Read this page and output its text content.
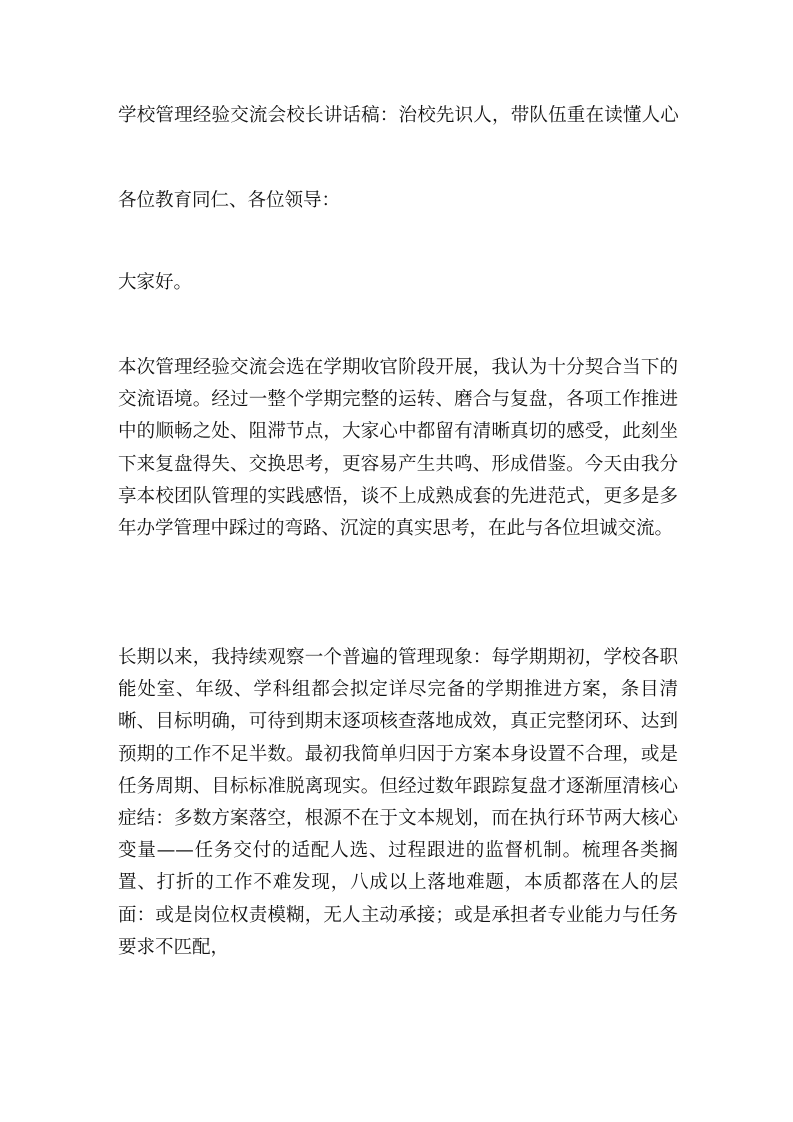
学校管理经验交流会校长讲话稿：治校先识人，带队伍重在读懂人心
各位教育同仁、各位领导：
大家好。
本次管理经验交流会选在学期收官阶段开展，我认为十分契合当下的交流语境。经过一整个学期完整的运转、磨合与复盘，各项工作推进中的顺畅之处、阻滞节点，大家心中都留有清晰真切的感受，此刻坐下来复盘得失、交换思考，更容易产生共鸣、形成借鉴。今天由我分享本校团队管理的实践感悟，谈不上成熟成套的先进范式，更多是多年办学管理中踩过的弯路、沉淀的真实思考，在此与各位坦诚交流。
长期以来，我持续观察一个普遍的管理现象：每学期期初，学校各职能处室、年级、学科组都会拟定详尽完备的学期推进方案，条目清晰、目标明确，可待到期末逐项核查落地成效，真正完整闭环、达到预期的工作不足半数。最初我简单归因于方案本身设置不合理，或是任务周期、目标标准脱离现实。但经过数年跟踪复盘才逐渐厘清核心症结：多数方案落空，根源不在于文本规划，而在执行环节两大核心变量——任务交付的适配人选、过程跟进的监督机制。梳理各类搁置、打折的工作不难发现，八成以上落地难题，本质都落在人的层面：或是岗位权责模糊，无人主动承接；或是承担者专业能力与任务要求不匹配，
